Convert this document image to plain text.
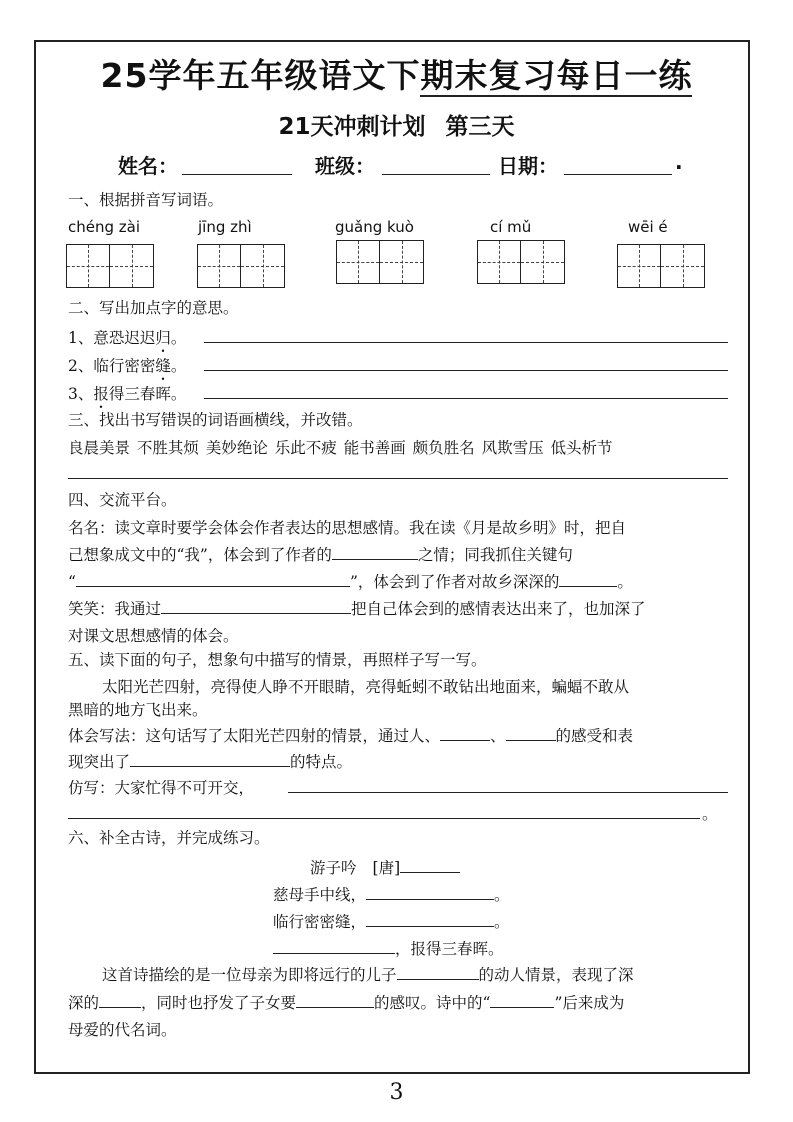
25学年五年级语文下期末复习每日一练
21天冲刺计划 第三天
姓名：	班级：	日期：	.
一、根据拼音写词语。
chéng zài	jīng zhì	guǎng kuò	cí mǔ	wēi é
二、写出加点字的意思。
1、意恐迟迟归。
2、临行密密缝。
3、报得三春晖。
三、找出书写错误的词语画横线，并改错。
良晨美景 不胜其烦 美妙绝论 乐此不疲 能书善画 颇负胜名 风欺雪压 低头析节
四、交流平台。
名名：读文章时要学会体会作者表达的思想感情。我在读《月是故乡明》时，把自
己想象成文中的“我”，体会到了作者的	之情；同我抓住关键句
“	”，体会到了作者对故乡深深的	。
笑笑：我通过	把自己体会到的感情表达出来了，也加深了
对课文思想感情的体会。
五、读下面的句子，想象句中描写的情景，再照样子写一写。
太阳光芒四射，亮得使人睁不开眼睛，亮得蚯蚓不敢钻出地面来，蝙蝠不敢从
黑暗的地方飞出来。
体会写法：这句话写了太阳光芒四射的情景，通过人、	、	的感受和表
现突出了	的特点。
仿写：大家忙得不可开交，
。
六、补全古诗，并完成练习。
游子吟 [唐]
慈母手中线，	。
临行密密缝，	。
，报得三春晖。
这首诗描绘的是一位母亲为即将远行的儿子	的动人情景，表现了深
深的	，同时也抒发了子女要	的感叹。诗中的“	”后来成为
母爱的代名词。
3
